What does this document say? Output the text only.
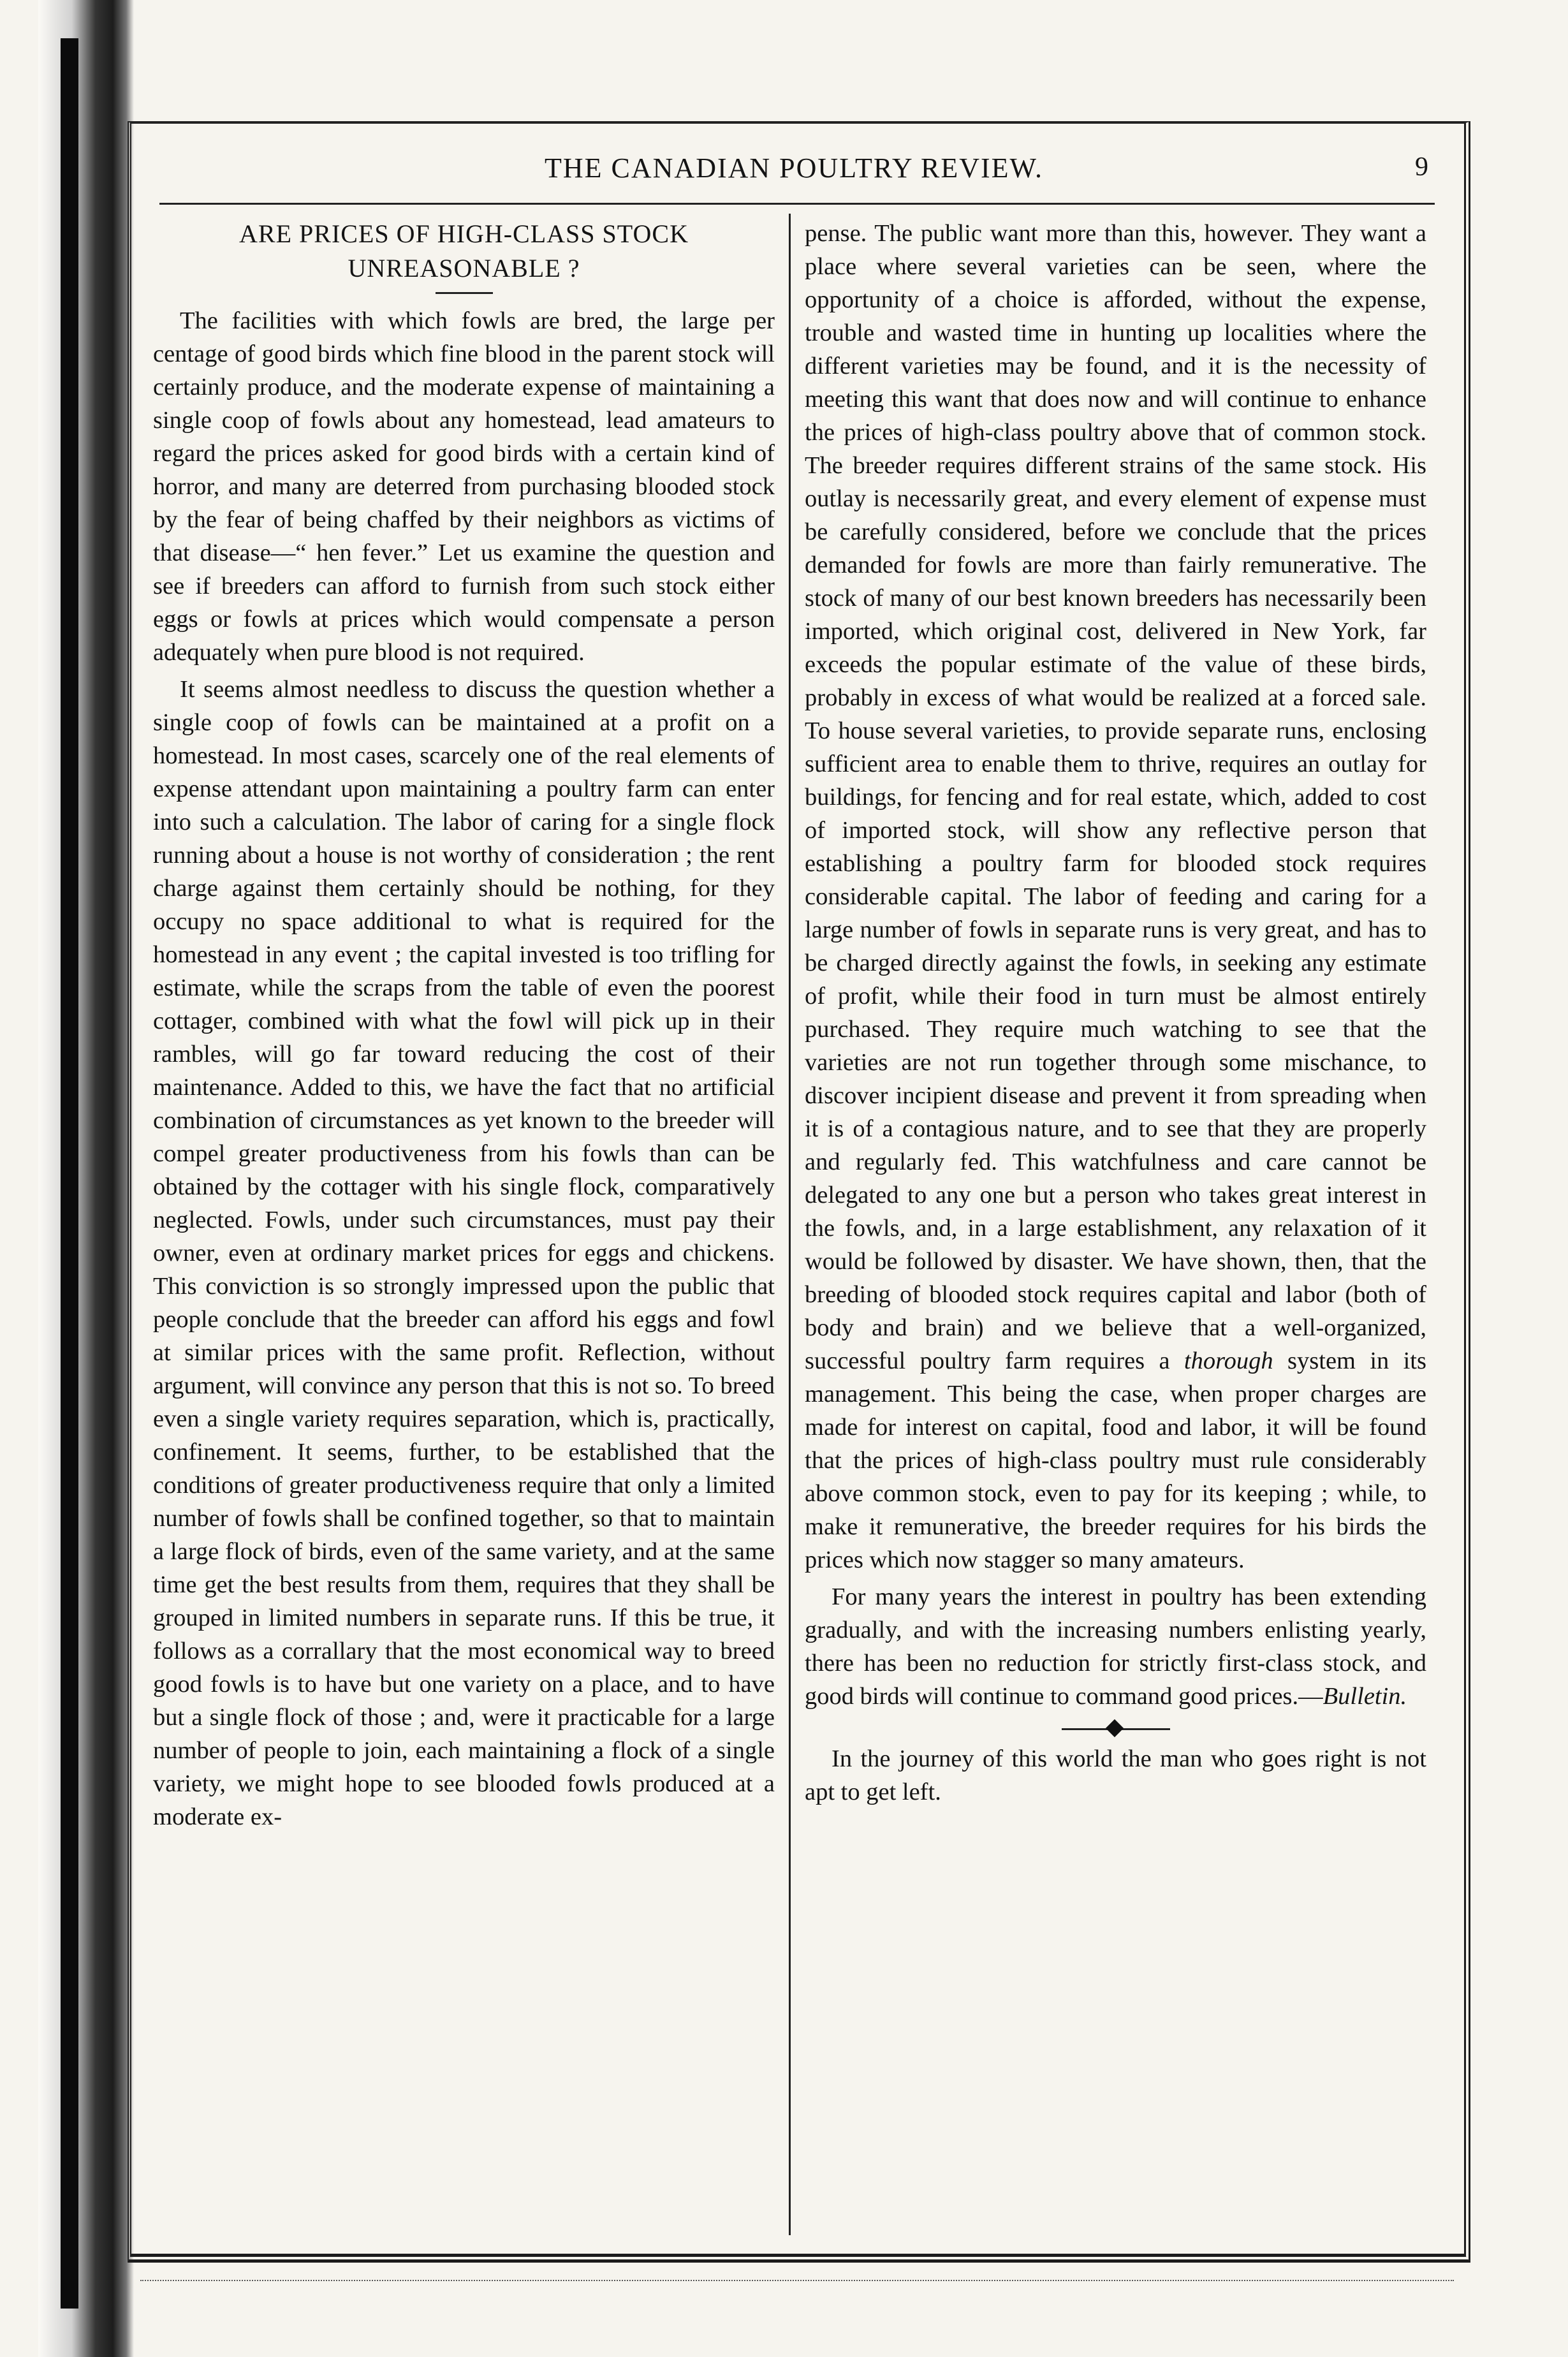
THE CANADIAN POULTRY REVIEW.	9
ARE PRICES OF HIGH-CLASS STOCK
UNREASONABLE ?

The facilities with which fowls are bred, the large per centage of good birds which fine blood in the parent stock will certainly produce, and the moderate expense of maintaining a single coop of fowls about any homestead, lead amateurs to regard the prices asked for good birds with a certain kind of horror, and many are deterred from purchasing blooded stock by the fear of being chaffed by their neighbors as victims of that disease—“ hen fever.” Let us examine the question and see if breeders can afford to furnish from such stock either eggs or fowls at prices which would compensate a person adequately when pure blood is not required.

It seems almost needless to discuss the question whether a single coop of fowls can be maintained at a profit on a homestead. In most cases, scarcely one of the real elements of expense attendant upon maintaining a poultry farm can enter into such a calculation. The labor of caring for a single flock running about a house is not worthy of consideration ; the rent charge against them certainly should be nothing, for they occupy no space additional to what is required for the homestead in any event ; the capital invested is too trifling for estimate, while the scraps from the table of even the poorest cottager, combined with what the fowl will pick up in their rambles, will go far toward reducing the cost of their maintenance. Added to this, we have the fact that no artificial combination of circumstances as yet known to the breeder will compel greater productiveness from his fowls than can be obtained by the cottager with his single flock, comparatively neglected. Fowls, under such circumstances, must pay their owner, even at ordinary market prices for eggs and chickens. This conviction is so strongly impressed upon the public that people conclude that the breeder can afford his eggs and fowl at similar prices with the same profit. Reflection, without argument, will convince any person that this is not so. To breed even a single variety requires separation, which is, practically, confinement. It seems, further, to be established that the conditions of greater productiveness require that only a limited number of fowls shall be confined together, so that to maintain a large flock of birds, even of the same variety, and at the same time get the best results from them, requires that they shall be grouped in limited numbers in separate runs. If this be true, it follows as a corrallary that the most economical way to breed good fowls is to have but one variety on a place, and to have but a single flock of those ; and, were it practicable for a large number of people to join, each maintaining a flock of a single variety, we might hope to see blooded fowls produced at a moderate ex-

pense. The public want more than this, however. They want a place where several varieties can be seen, where the opportunity of a choice is afforded, without the expense, trouble and wasted time in hunting up localities where the different varieties may be found, and it is the necessity of meeting this want that does now and will continue to enhance the prices of high-class poultry above that of common stock. The breeder requires different strains of the same stock. His outlay is necessarily great, and every element of expense must be carefully considered, before we conclude that the prices demanded for fowls are more than fairly remunerative. The stock of many of our best known breeders has necessarily been imported, which original cost, delivered in New York, far exceeds the popular estimate of the value of these birds, probably in excess of what would be realized at a forced sale. To house several varieties, to provide separate runs, enclosing sufficient area to enable them to thrive, requires an outlay for buildings, for fencing and for real estate, which, added to cost of imported stock, will show any reflective person that establishing a poultry farm for blooded stock requires considerable capital. The labor of feeding and caring for a large number of fowls in separate runs is very great, and has to be charged directly against the fowls, in seeking any estimate of profit, while their food in turn must be almost entirely purchased. They require much watching to see that the varieties are not run together through some mischance, to discover incipient disease and prevent it from spreading when it is of a contagious nature, and to see that they are properly and regularly fed. This watchfulness and care cannot be delegated to any one but a person who takes great interest in the fowls, and, in a large establishment, any relaxation of it would be followed by disaster. We have shown, then, that the breeding of blooded stock requires capital and labor (both of body and brain) and we believe that a well-organized, successful poultry farm requires a thorough system in its management. This being the case, when proper charges are made for interest on capital, food and labor, it will be found that the prices of high-class poultry must rule considerably above common stock, even to pay for its keeping ; while, to make it remunerative, the breeder requires for his birds the prices which now stagger so many amateurs.

For many years the interest in poultry has been extending gradually, and with the increasing numbers enlisting yearly, there has been no reduction for strictly first-class stock, and good birds will continue to command good prices.—Bulletin.

In the journey of this world the man who goes right is not apt to get left.
